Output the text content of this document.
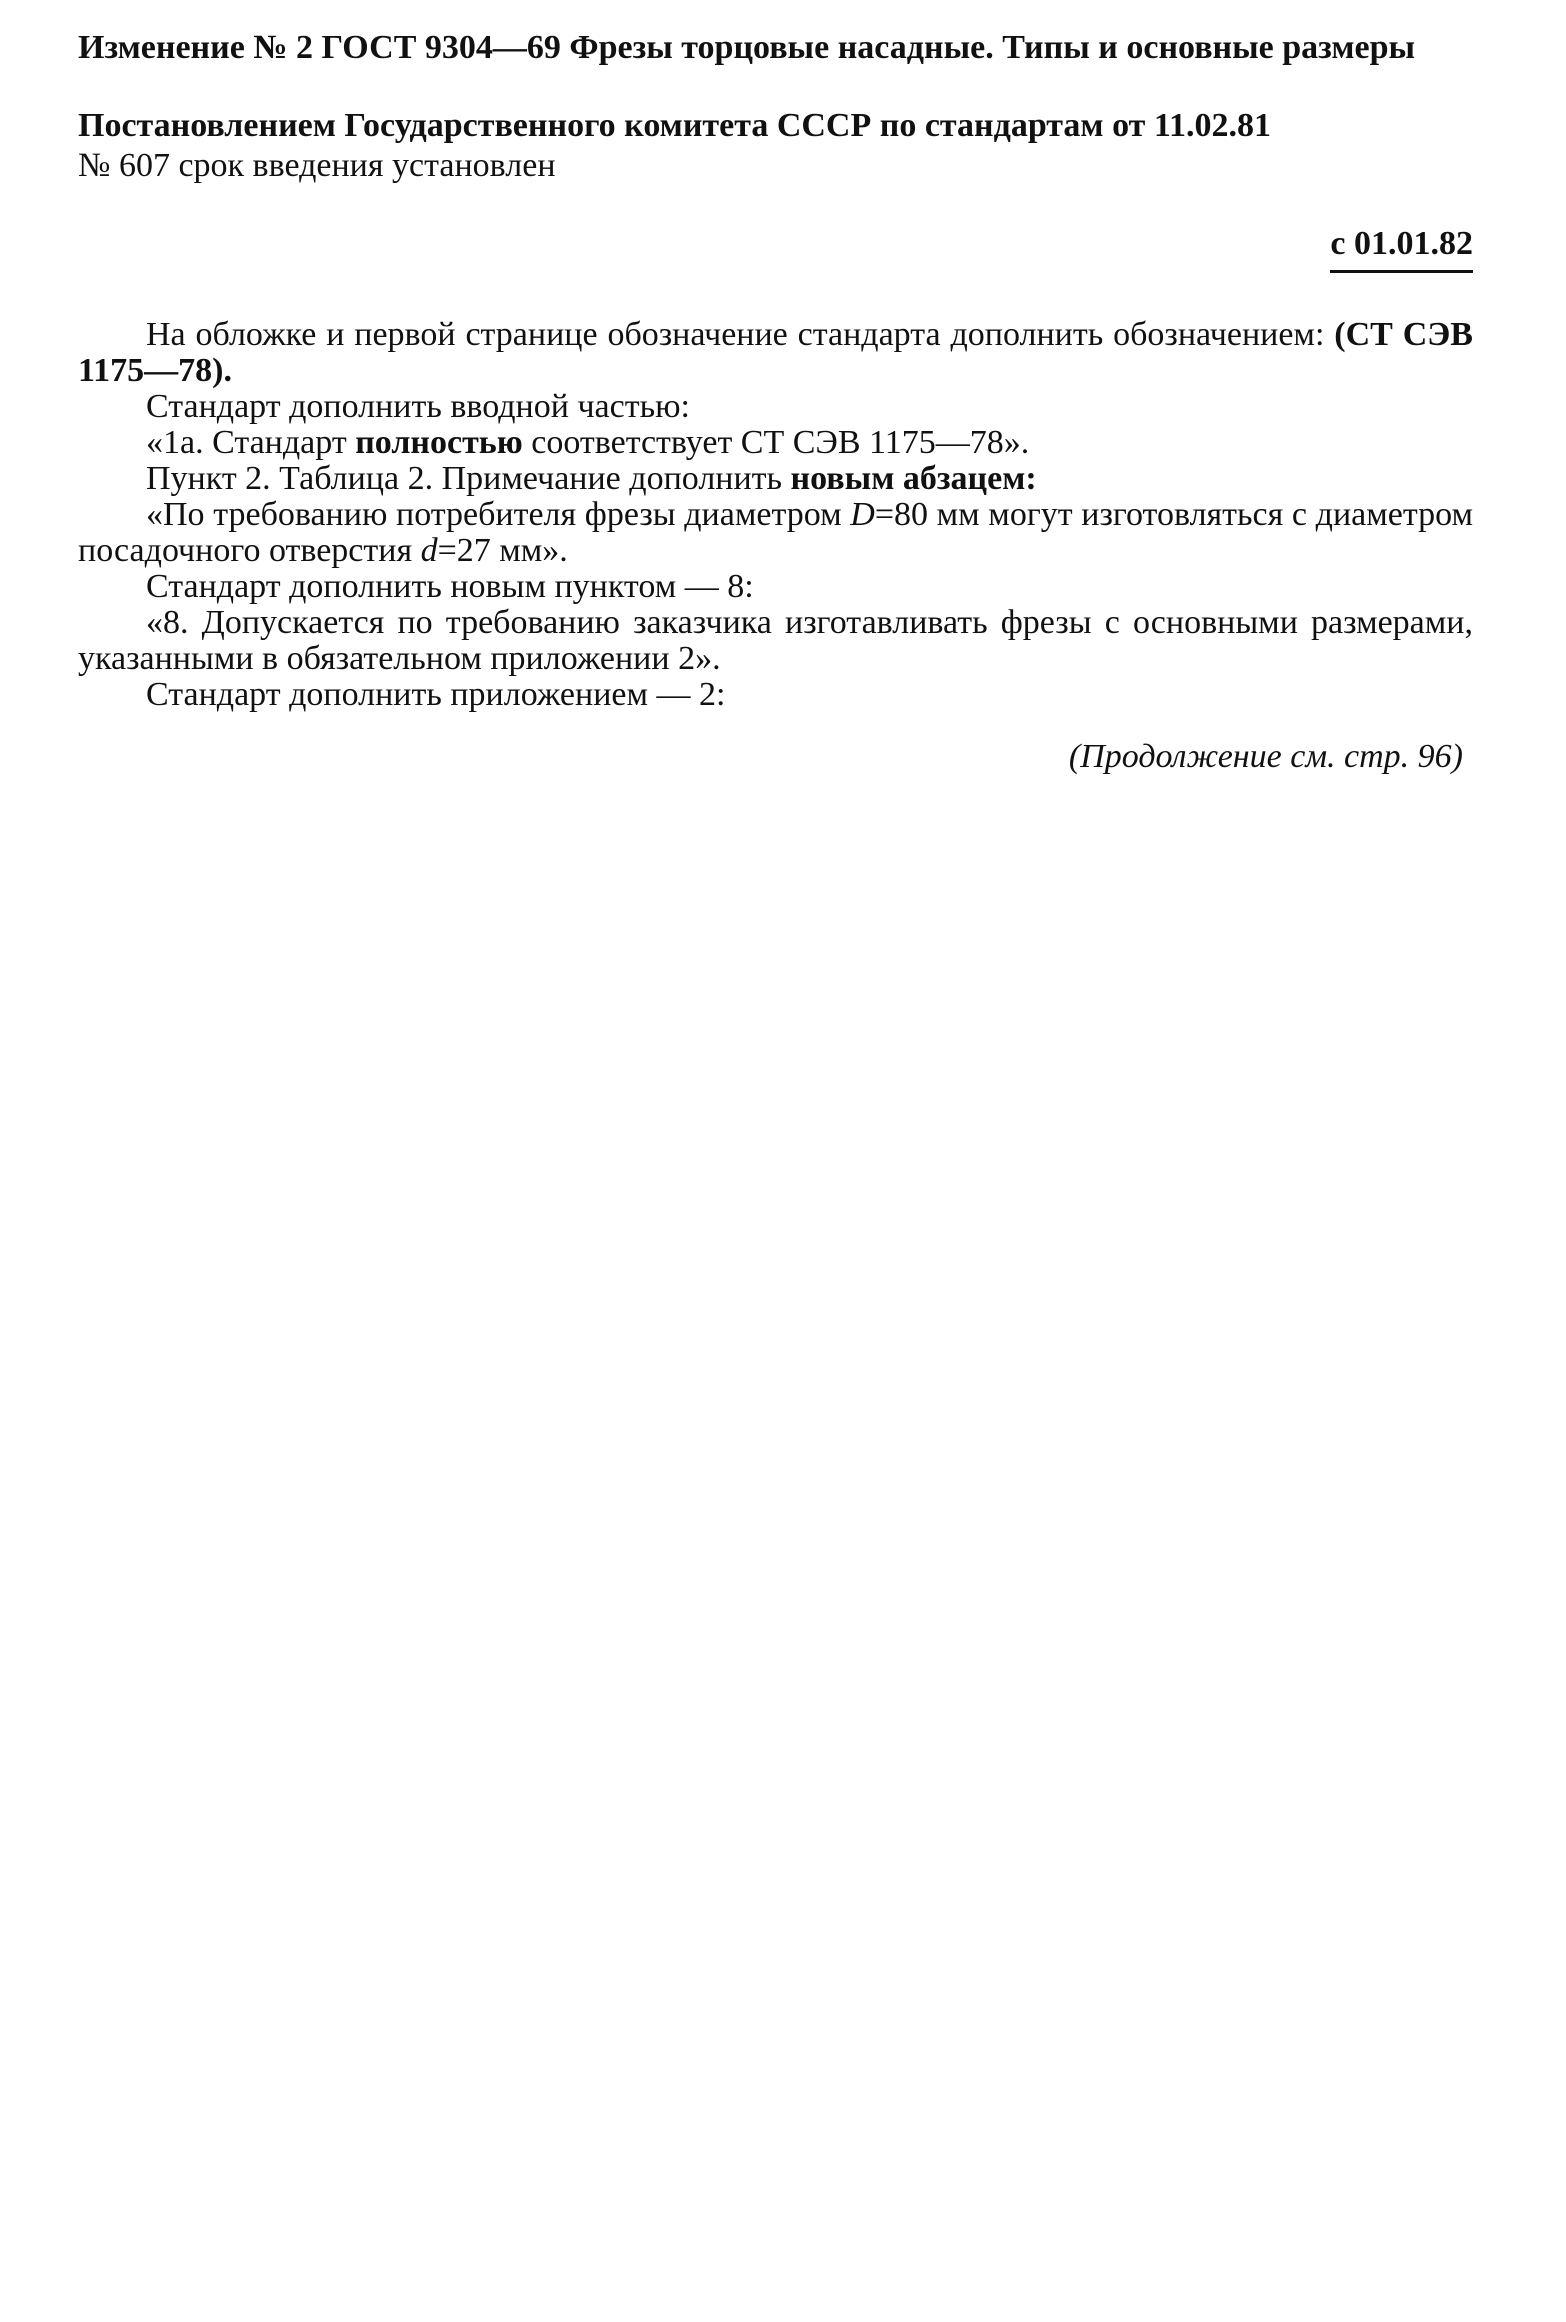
Изменение № 2 ГОСТ 9304—69 Фрезы торцовые насадные. Типы и основные размеры

Постановлением Государственного комитета СССР по стандартам от 11.02.81
№ 607 срок введения установлен

с 01.01.82

На обложке и первой странице обозначение стандарта дополнить обозначением: (СТ СЭВ 1175—78).

Стандарт дополнить вводной частью:

«1а. Стандарт полностью соответствует СТ СЭВ 1175—78».

Пункт 2. Таблица 2. Примечание дополнить новым абзацем:

«По требованию потребителя фрезы диаметром D=80 мм могут изготовляться с диаметром посадочного отверстия d=27 мм».

Стандарт дополнить новым пунктом — 8:

«8. Допускается по требованию заказчика изготавливать фрезы с основными размерами, указанными в обязательном приложении 2».

Стандарт дополнить приложением — 2:

(Продолжение см. стр. 96)
